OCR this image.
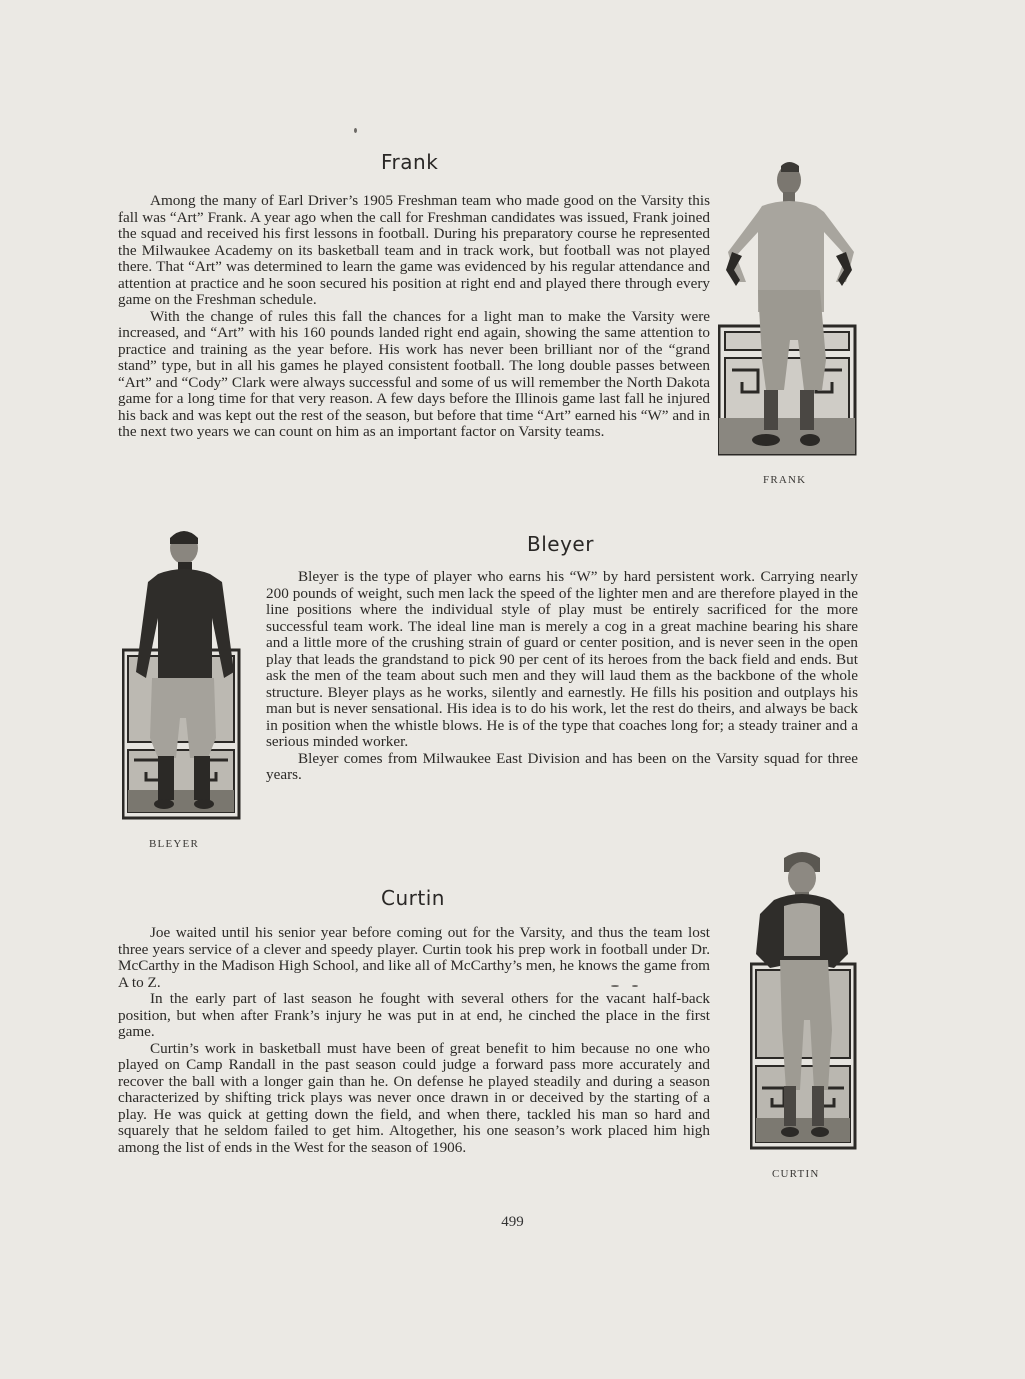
Frank

Among the many of Earl Driver’s 1905 Freshman team who made good on the Varsity this fall was “Art” Frank. A year ago when the call for Freshman candidates was issued, Frank joined the squad and received his first lessons in football. During his preparatory course he represented the Milwaukee Academy on its basketball team and in track work, but football was not played there. That “Art” was determined to learn the game was evidenced by his regular attendance and attention at practice and he soon secured his position at right end and played there through every game on the Freshman schedule.

With the change of rules this fall the chances for a light man to make the Varsity were increased, and “Art” with his 160 pounds landed right end again, showing the same attention to practice and training as the year before. His work has never been brilliant nor of the “grand stand” type, but in all his games he played consistent football. The long double passes between “Art” and “Cody” Clark were always successful and some of us will remember the North Dakota game for a long time for that very reason. A few days before the Illinois game last fall he injured his back and was kept out the rest of the season, but before that time “Art” earned his “W” and in the next two years we can count on him as an important factor on Varsity teams.

FRANK
Bleyer

Bleyer is the type of player who earns his “W” by hard persistent work. Carrying nearly 200 pounds of weight, such men lack the speed of the lighter men and are therefore played in the line positions where the individual style of play must be entirely sacrificed for the more successful team work. The ideal line man is merely a cog in a great machine bearing his share and a little more of the crushing strain of guard or center position, and is never seen in the open play that leads the grandstand to pick 90 per cent of its heroes from the back field and ends. But ask the men of the team about such men and they will laud them as the backbone of the whole structure. Bleyer plays as he works, silently and earnestly. He fills his position and outplays his man but is never sensational. His idea is to do his work, let the rest do theirs, and always be back in position when the whistle blows. He is of the type that coaches long for; a steady trainer and a serious minded worker.

Bleyer comes from Milwaukee East Division and has been on the Varsity squad for three years.

BLEYER
Curtin

Joe waited until his senior year before coming out for the Varsity, and thus the team lost three years service of a clever and speedy player. Curtin took his prep work in football under Dr. McCarthy in the Madison High School, and like all of McCarthy’s men, he knows the game from A to Z.

In the early part of last season he fought with several others for the vacant half-back position, but when after Frank’s injury he was put in at end, he cinched the place in the first game.

Curtin’s work in basketball must have been of great benefit to him because no one who played on Camp Randall in the past season could judge a forward pass more accurately and recover the ball with a longer gain than he. On defense he played steadily and during a season characterized by shifting trick plays was never once drawn in or deceived by the starting of a play. He was quick at getting down the field, and when there, tackled his man so hard and squarely that he seldom failed to get him. Altogether, his one season’s work placed him high among the list of ends in the West for the season of 1906.

CURTIN
499
